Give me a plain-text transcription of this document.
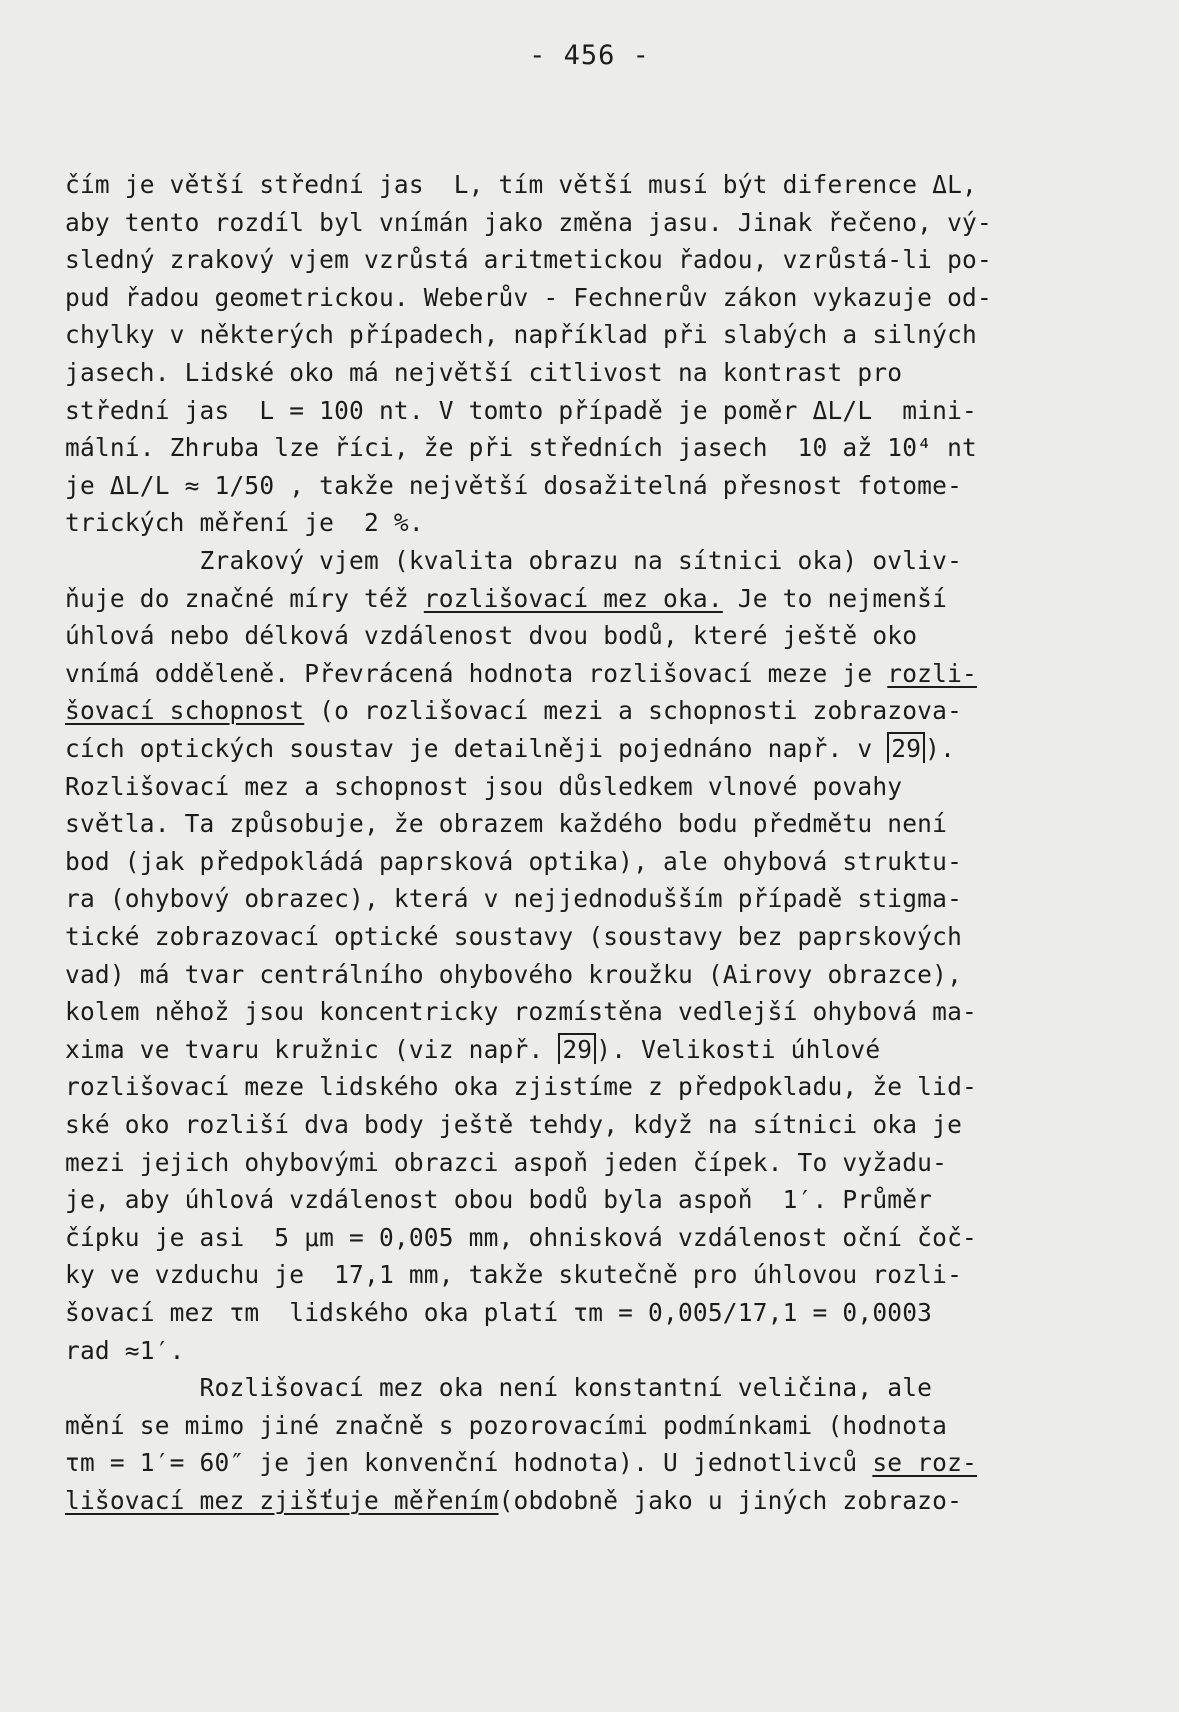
- 456 -
čím je větší střední jas  L, tím větší musí být diference ΔL,
aby tento rozdíl byl vnímán jako změna jasu. Jinak řečeno, vý-
sledný zrakový vjem vzrůstá aritmetickou řadou, vzrůstá-li po-
pud řadou geometrickou. Weberův - Fechnerův zákon vykazuje od-
chylky v některých případech, například při slabých a silných
jasech. Lidské oko má největší citlivost na kontrast pro
střední jas  L = 100 nt. V tomto případě je poměr ΔL/L  mini-
mální. Zhruba lze říci, že při středních jasech  10 až 10⁴ nt
je ΔL/L ≈ 1/50 , takže největší dosažitelná přesnost fotome-
trických měření je  2 %.
Zrakový vjem (kvalita obrazu na sítnici oka) ovliv-
ňuje do značné míry též rozlišovací mez oka. Je to nejmenší
úhlová nebo délková vzdálenost dvou bodů, které ještě oko
vnímá odděleně. Převrácená hodnota rozlišovací meze je rozli-
šovací schopnost (o rozlišovací mezi a schopnosti zobrazova-
cích optických soustav je detailněji pojednáno např. v 29 ).
Rozlišovací mez a schopnost jsou důsledkem vlnové povahy
světla. Ta způsobuje, že obrazem každého bodu předmětu není
bod (jak předpokládá paprsková optika), ale ohybová struktu-
ra (ohybový obrazec), která v nejjednodušším případě stigma-
tické zobrazovací optické soustavy (soustavy bez paprskových
vad) má tvar centrálního ohybového kroužku (Airovy obrazce),
kolem něhož jsou koncentricky rozmístěna vedlejší ohybová ma-
xima ve tvaru kružnic (viz např. 29 ). Velikosti úhlové
rozlišovací meze lidského oka zjistíme z předpokladu, že lid-
ské oko rozliší dva body ještě tehdy, když na sítnici oka je
mezi jejich ohybovými obrazci aspoň jeden čípek. To vyžadu-
je, aby úhlová vzdálenost obou bodů byla aspoň  1′. Průměr
čípku je asi  5 μm = 0,005 mm, ohnisková vzdálenost oční čoč-
ky ve vzduchu je  17,1 mm, takže skutečně pro úhlovou rozli-
šovací mez τm  lidského oka platí τm = 0,005/17,1 = 0,0003
rad ≈1′.
Rozlišovací mez oka není konstantní veličina, ale
mění se mimo jiné značně s pozorovacími podmínkami (hodnota
τm = 1′= 60″ je jen konvenční hodnota). U jednotlivců se roz-
lišovací mez zjišťuje měřením(obdobně jako u jiných zobrazo-
